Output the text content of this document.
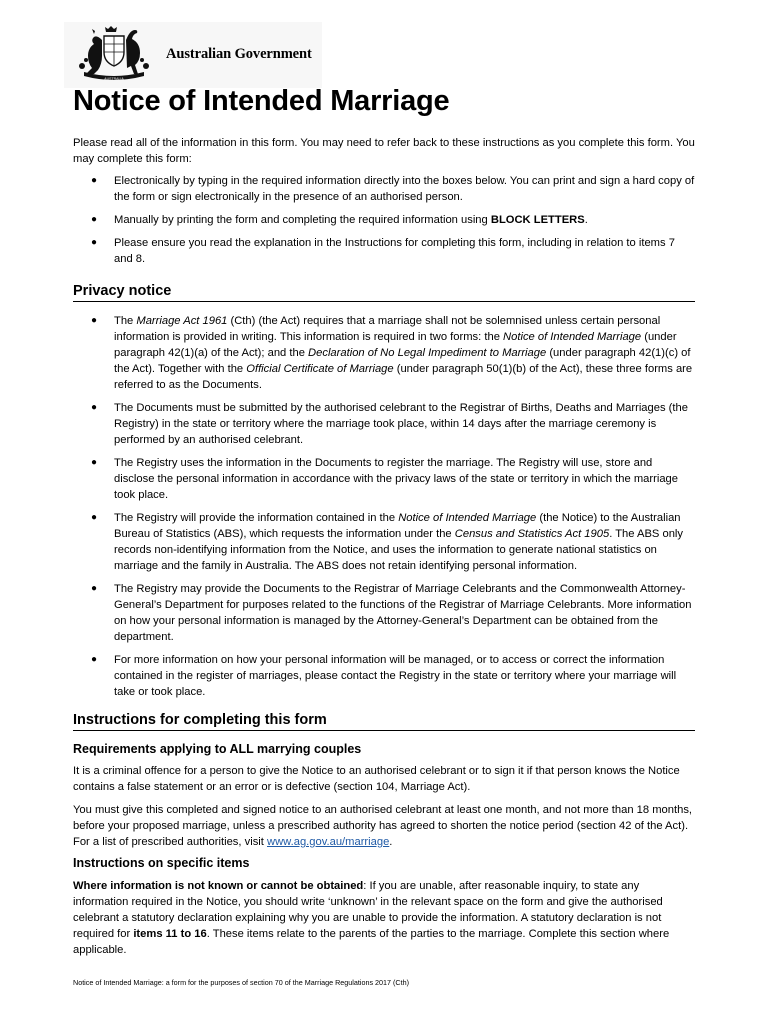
AUSTRALIA
Australian Government
Notice of Intended Marriage

Please read all of the information in this form. You may need to refer back to these instructions as you complete this form. You may complete this form:

● Electronically by typing in the required information directly into the boxes below. You can print and sign a hard copy of the form or sign electronically in the presence of an authorised person.
● Manually by printing the form and completing the required information using BLOCK LETTERS.
● Please ensure you read the explanation in the Instructions for completing this form, including in relation to items 7 and 8.
Privacy notice
● The Marriage Act 1961 (Cth) (the Act) requires that a marriage shall not be solemnised unless certain personal information is provided in writing. This information is required in two forms: the Notice of Intended Marriage (under paragraph 42(1)(a) of the Act); and the Declaration of No Legal Impediment to Marriage (under paragraph 42(1)(c) of the Act). Together with the Official Certificate of Marriage (under paragraph 50(1)(b) of the Act), these three forms are referred to as the Documents.
● The Documents must be submitted by the authorised celebrant to the Registrar of Births, Deaths and Marriages (the Registry) in the state or territory where the marriage took place, within 14 days after the marriage ceremony is performed by an authorised celebrant.
● The Registry uses the information in the Documents to register the marriage. The Registry will use, store and disclose the personal information in accordance with the privacy laws of the state or territory in which the marriage took place.
● The Registry will provide the information contained in the Notice of Intended Marriage (the Notice) to the Australian Bureau of Statistics (ABS), which requests the information under the Census and Statistics Act 1905. The ABS only records non-identifying information from the Notice, and uses the information to generate national statistics on marriage and the family in Australia. The ABS does not retain identifying personal information.
● The Registry may provide the Documents to the Registrar of Marriage Celebrants and the Commonwealth Attorney-General’s Department for purposes related to the functions of the Registrar of Marriage Celebrants. More information on how your personal information is managed by the Attorney-General’s Department can be obtained from the department.
● For more information on how your personal information will be managed, or to access or correct the information contained in the register of marriages, please contact the Registry in the state or territory where your marriage will take or took place.
Instructions for completing this form
Requirements applying to ALL marrying couples

It is a criminal offence for a person to give the Notice to an authorised celebrant or to sign it if that person knows the Notice contains a false statement or an error or is defective (section 104, Marriage Act).

You must give this completed and signed notice to an authorised celebrant at least one month, and not more than 18 months, before your proposed marriage, unless a prescribed authority has agreed to shorten the notice period (section 42 of the Act). For a list of prescribed authorities, visit www.ag.gov.au/marriage.

Instructions on specific items

Where information is not known or cannot be obtained: If you are unable, after reasonable inquiry, to state any information required in the Notice, you should write ‘unknown’ in the relevant space on the form and give the authorised celebrant a statutory declaration explaining why you are unable to provide the information. A statutory declaration is not required for items 11 to 16. These items relate to the parents of the parties to the marriage. Complete this section where applicable.

Notice of Intended Marriage: a form for the purposes of section 70 of the Marriage Regulations 2017 (Cth)
